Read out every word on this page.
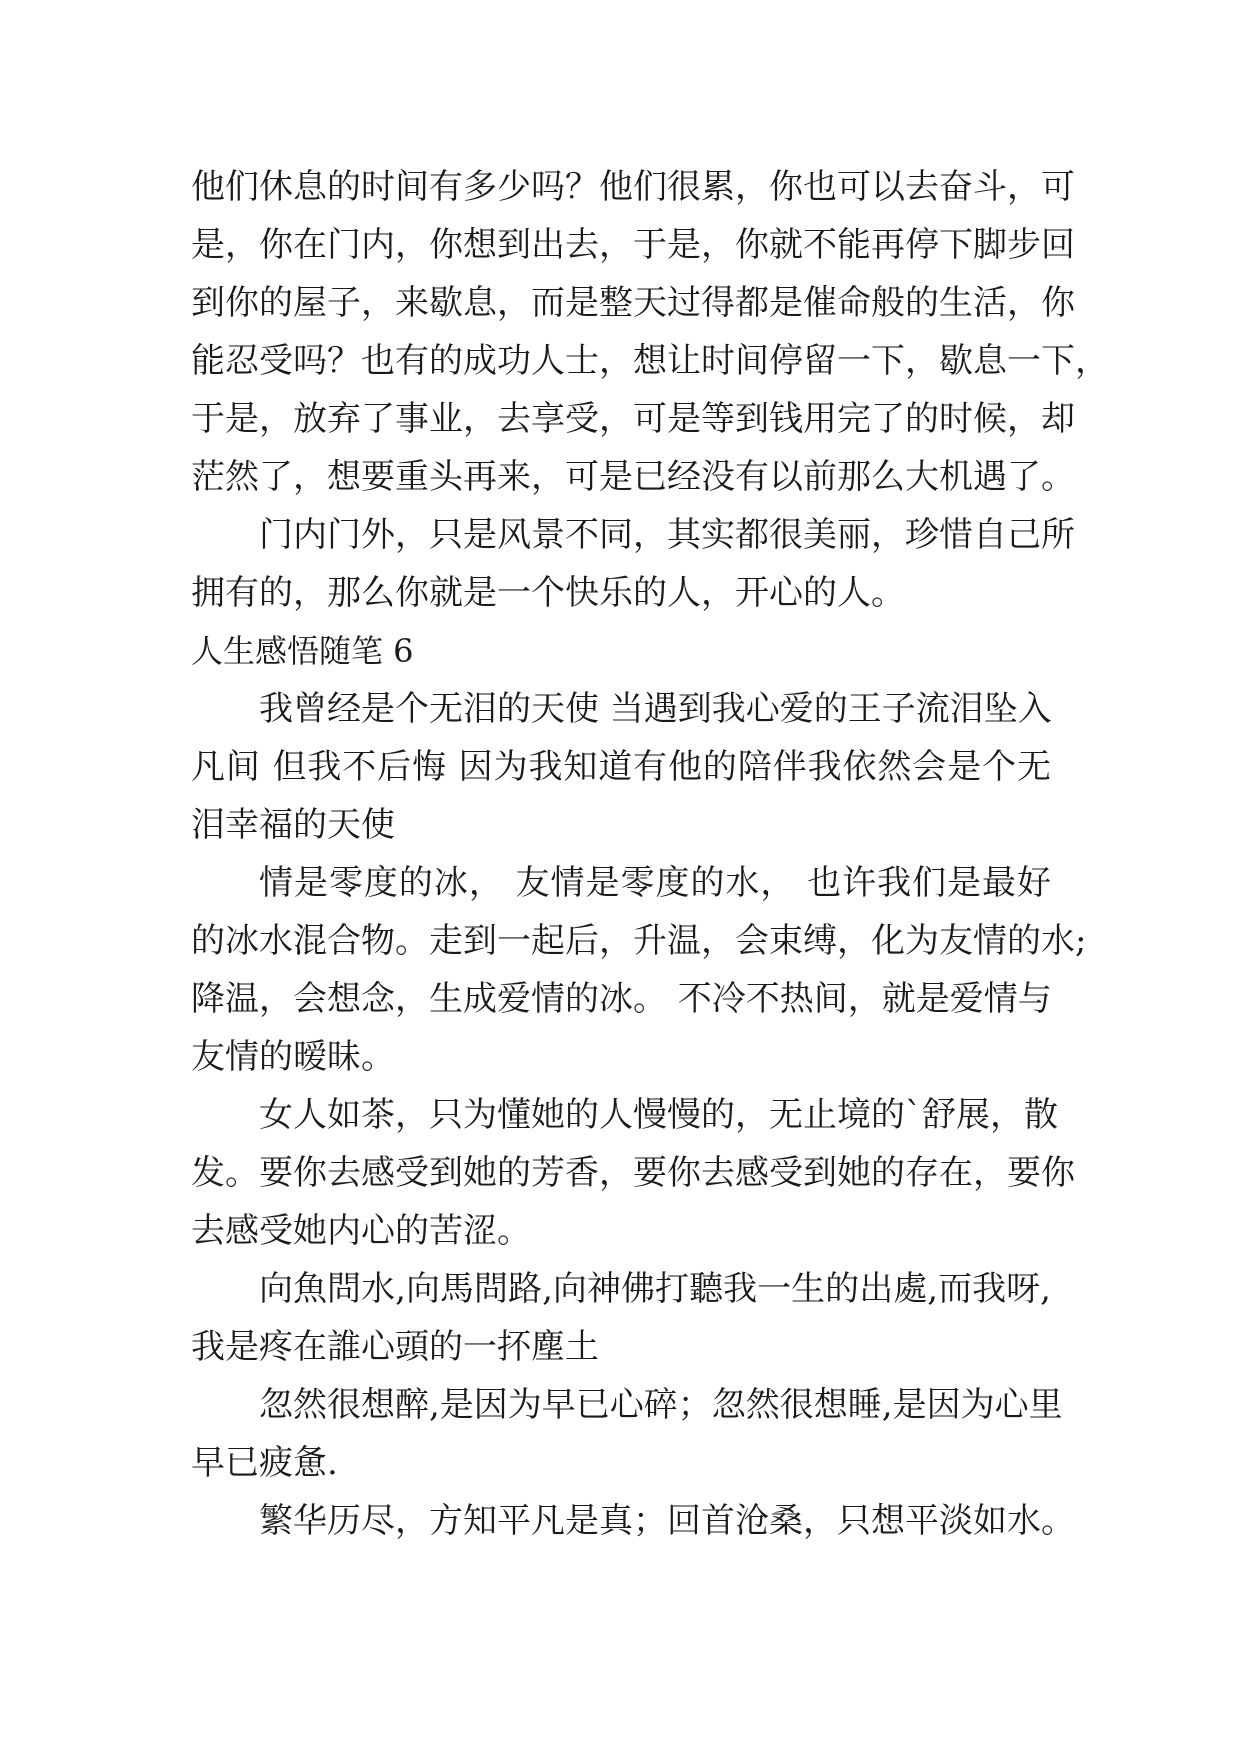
他们休息的时间有多少吗？他们很累，你也可以去奋斗，可
是，你在门内，你想到出去，于是，你就不能再停下脚步回
到你的屋子，来歇息，而是整天过得都是催命般的生活，你
能忍受吗？也有的成功人士，想让时间停留一下，歇息一下，
于是，放弃了事业，去享受，可是等到钱用完了的时候，却
茫然了，想要重头再来，可是已经没有以前那么大机遇了。
门内门外，只是风景不同，其实都很美丽，珍惜自己所
拥有的，那么你就是一个快乐的人，开心的人。
人生感悟随笔 6
我曾经是个无泪的天使 当遇到我心爱的王子流泪坠入
凡间 但我不后悔 因为我知道有他的陪伴我依然会是个无
泪幸福的天使
情是零度的冰， 友情是零度的水， 也许我们是最好
的冰水混合物。走到一起后，升温，会束缚，化为友情的水;
降温，会想念，生成爱情的冰。 不冷不热间，就是爱情与
友情的暧昧。
女人如茶，只为懂她的人慢慢的，无止境的`舒展，散
发。要你去感受到她的芳香，要你去感受到她的存在，要你
去感受她内心的苦涩。
向魚問水,向馬問路,向神佛打聽我一生的出處,而我呀,
我是疼在誰心頭的一抔塵土
忽然很想醉,是因为早已心碎；忽然很想睡,是因为心里
早已疲惫.
繁华历尽，方知平凡是真；回首沧桑，只想平淡如水。
